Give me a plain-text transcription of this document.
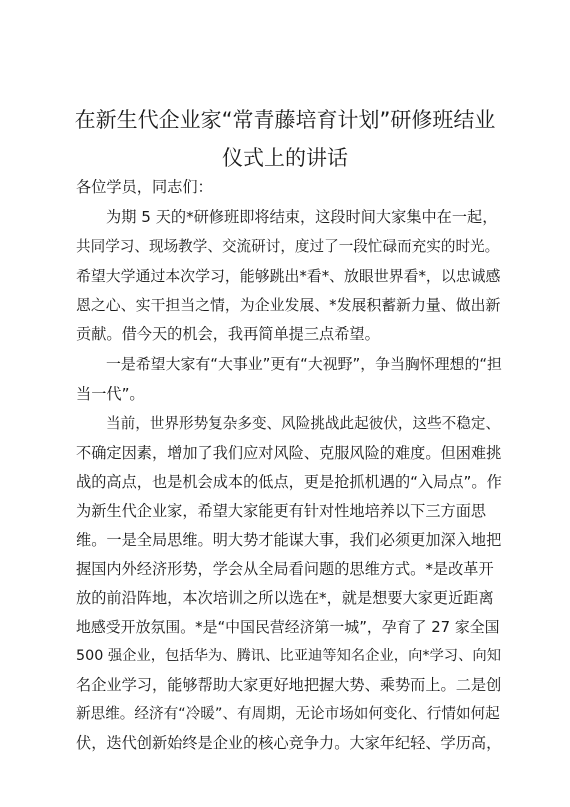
在新生代企业家“常青藤培育计划”研修班结业
仪式上的讲话
各位学员，同志们：
为期 5 天的*研修班即将结束，这段时间大家集中在一起，
共同学习、现场教学、交流研讨，度过了一段忙碌而充实的时光。
希望大学通过本次学习，能够跳出*看*、放眼世界看*，以忠诚感
恩之心、实干担当之情，为企业发展、*发展积蓄新力量、做出新
贡献。借今天的机会，我再简单提三点希望。
一是希望大家有“大事业”更有“大视野”，争当胸怀理想的“担
当一代”。
当前，世界形势复杂多变、风险挑战此起彼伏，这些不稳定、
不确定因素，增加了我们应对风险、克服风险的难度。但困难挑
战的高点，也是机会成本的低点，更是抢抓机遇的“入局点”。作
为新生代企业家，希望大家能更有针对性地培养以下三方面思
维。一是全局思维。明大势才能谋大事，我们必须更加深入地把
握国内外经济形势，学会从全局看问题的思维方式。*是改革开
放的前沿阵地，本次培训之所以选在*，就是想要大家更近距离
地感受开放氛围。*是“中国民营经济第一城”，孕育了 27 家全国
500 强企业，包括华为、腾讯、比亚迪等知名企业，向*学习、向知
名企业学习，能够帮助大家更好地把握大势、乘势而上。二是创
新思维。经济有“冷暖”、有周期，无论市场如何变化、行情如何起
伏，迭代创新始终是企业的核心竞争力。大家年纪轻、学历高，
